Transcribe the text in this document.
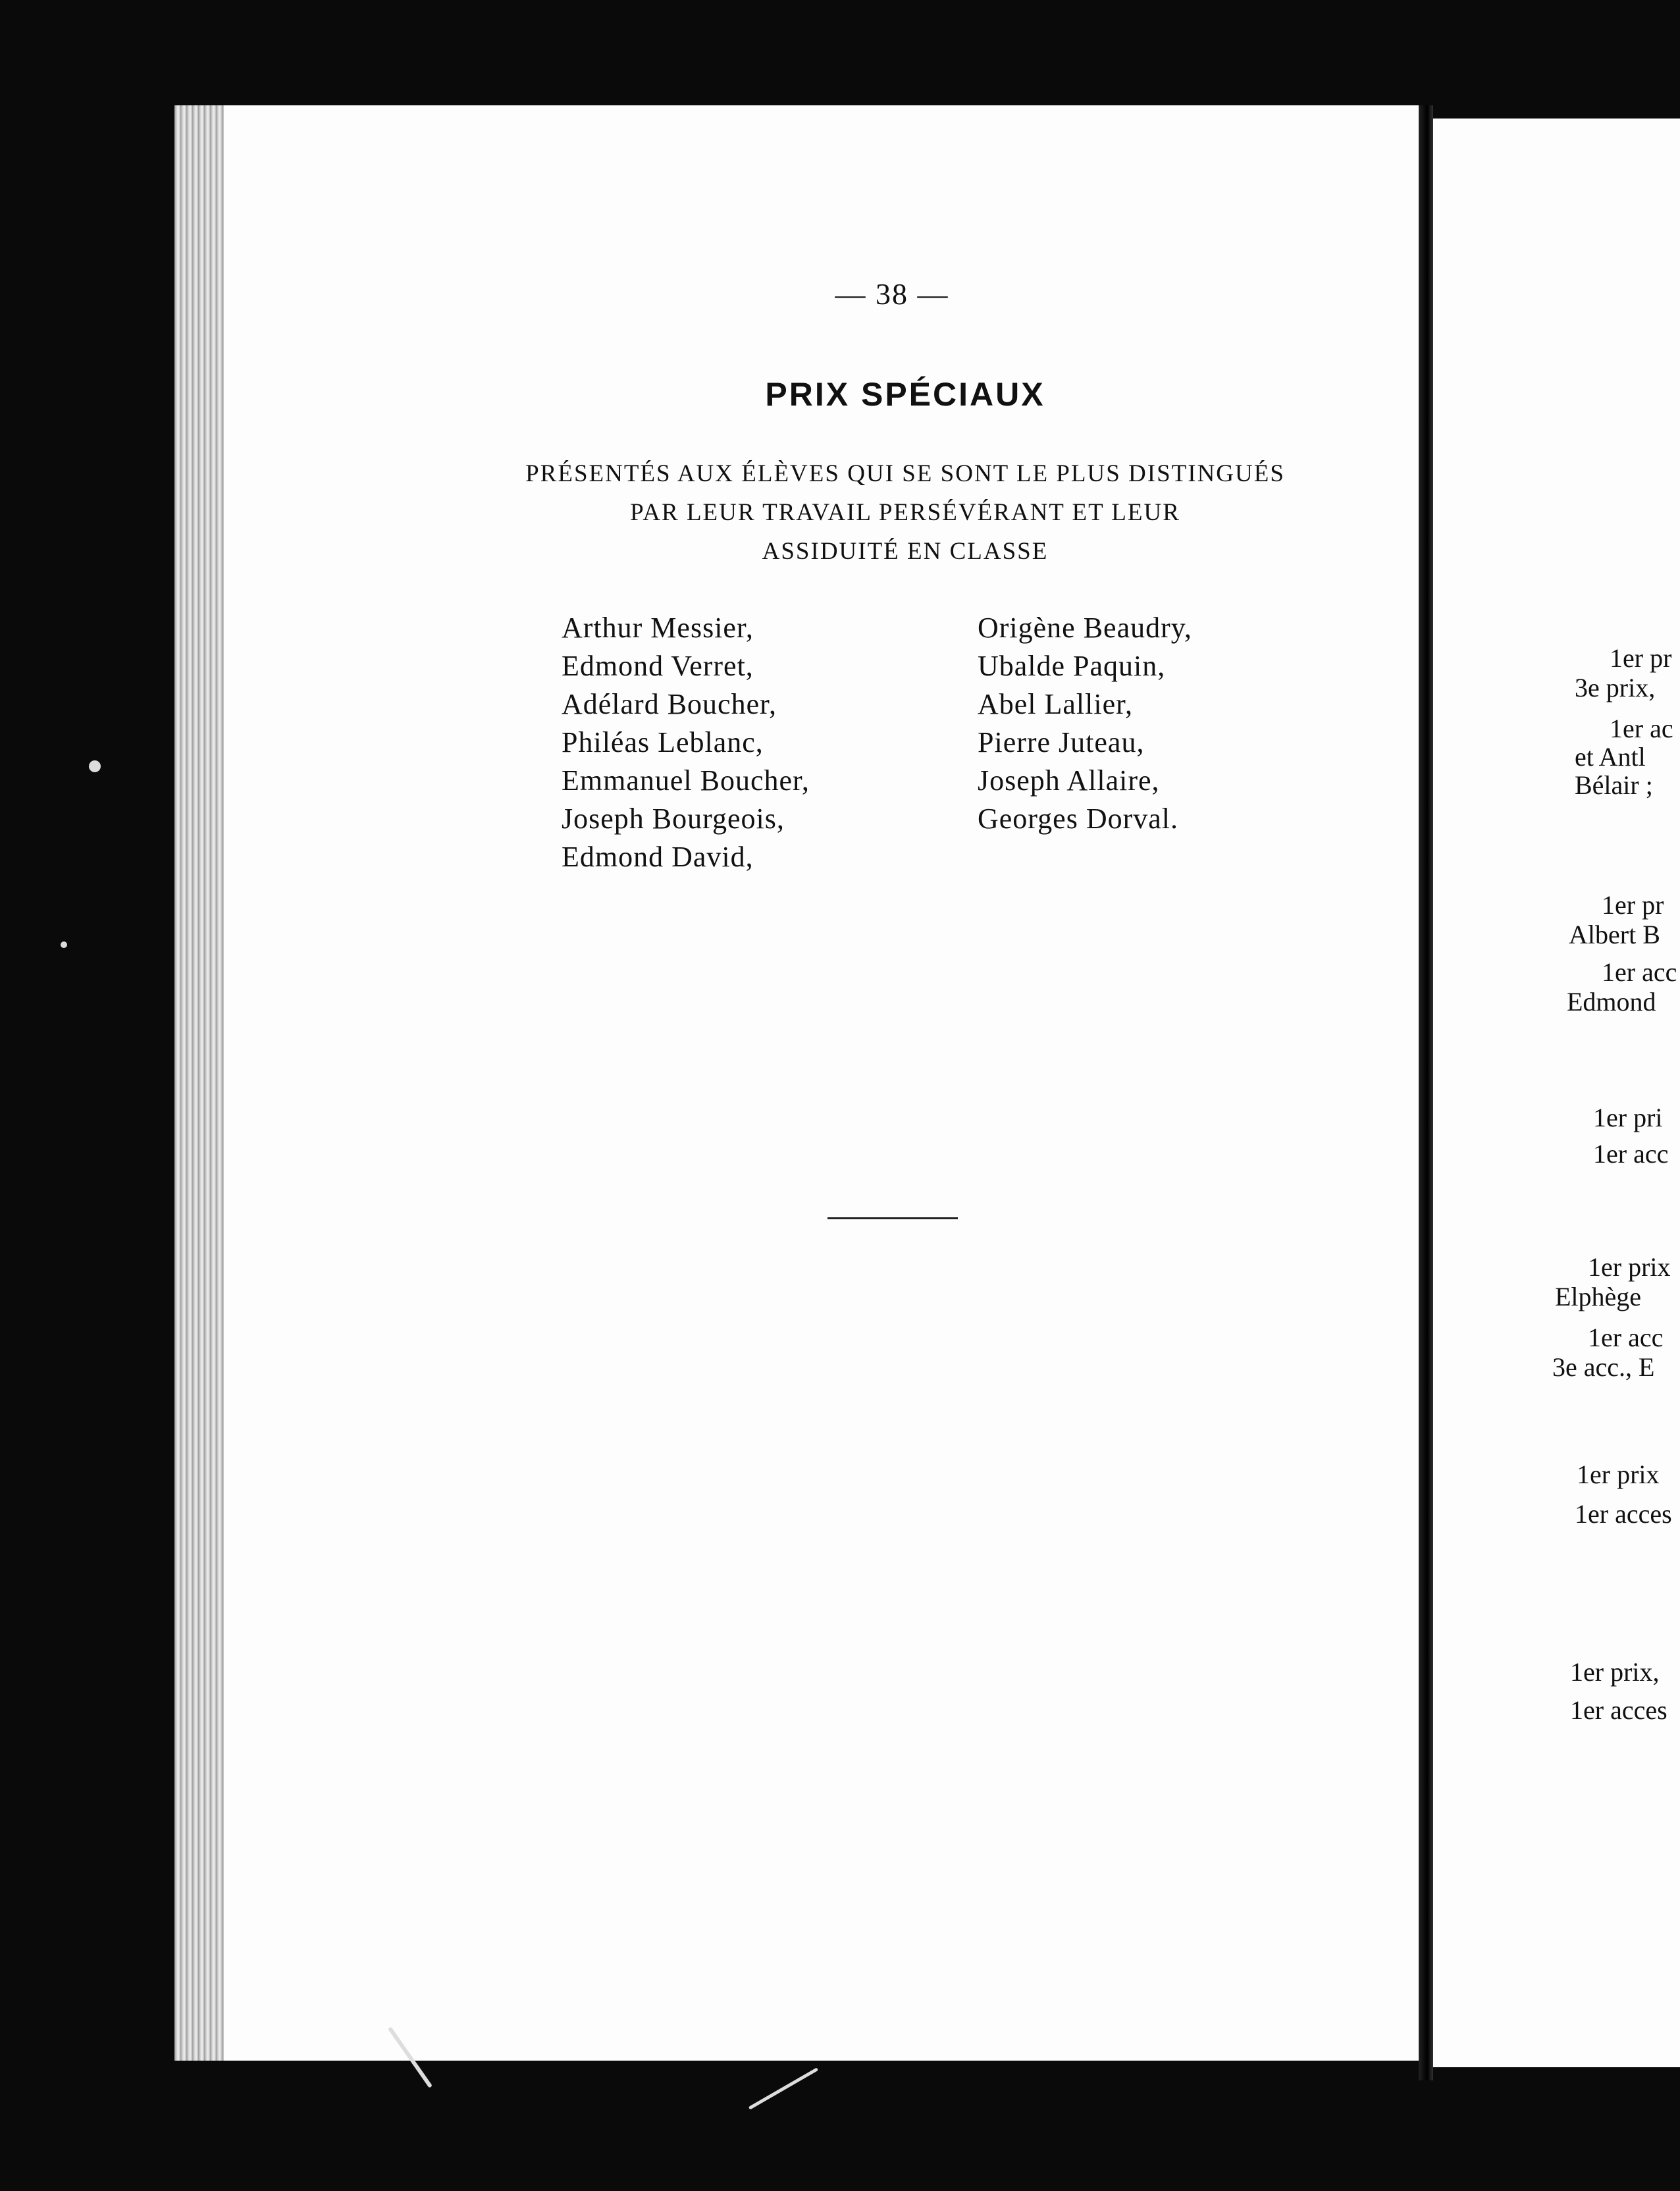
— 38 —
PRIX SPÉCIAUX
PRÉSENTÉS AUX ÉLÈVES QUI SE SONT LE PLUS DISTINGUÉS
PAR LEUR TRAVAIL PERSÉVÉRANT ET LEUR
ASSIDUITÉ EN CLASSE
Arthur Messier,
Edmond Verret,
Adélard Boucher,
Philéas Leblanc,
Emmanuel Boucher,
Joseph Bourgeois,
Edmond David,
Origène Beaudry,
Ubalde Paquin,
Abel Lallier,
Pierre Juteau,
Joseph Allaire,
Georges Dorval.
1er pr
3e prix,
1er ac
et Antl
Bélair ;
1er pr
Albert B
1er acc
Edmond
1er pri
1er acc
1er prix
Elphège
1er acc
3e acc., E
1er prix
1er acces
1er prix,
1er acces
